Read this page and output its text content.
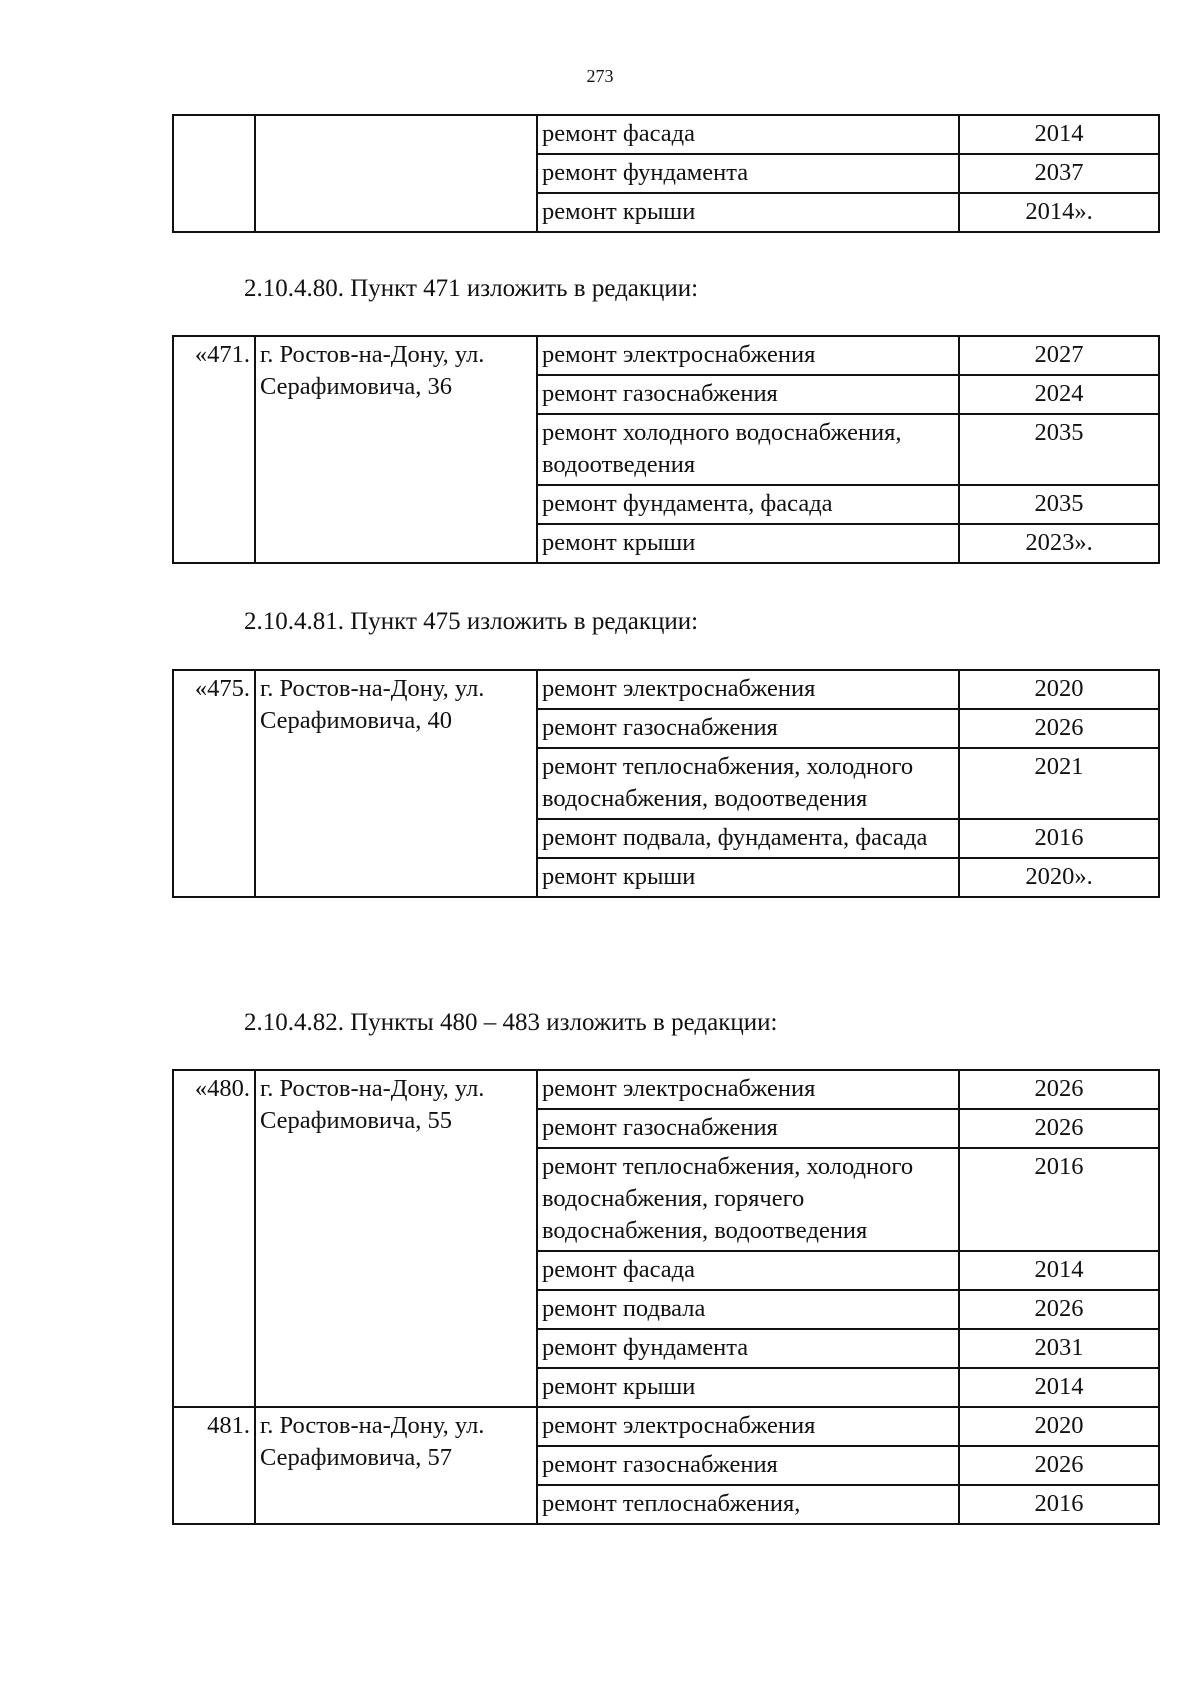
273
		ремонт фасада	2014
		ремонт фундамента	2037
		ремонт крыши	2014».
2.10.4.80. Пункт 471 изложить в редакции:
«471.	г. Ростов-на-Дону, ул. Серафимовича, 36	ремонт электроснабжения	2027
		ремонт газоснабжения	2024
		ремонт холодного водоснабжения, водоотведения	2035
		ремонт фундамента, фасада	2035
		ремонт крыши	2023».
2.10.4.81. Пункт 475 изложить в редакции:
«475.	г. Ростов-на-Дону, ул. Серафимовича, 40	ремонт электроснабжения	2020
		ремонт газоснабжения	2026
		ремонт теплоснабжения, холодного водоснабжения, водоотведения	2021
		ремонт подвала, фундамента, фасада	2016
		ремонт крыши	2020».
2.10.4.82. Пункты 480 – 483 изложить в редакции:
«480.	г. Ростов-на-Дону, ул. Серафимовича, 55	ремонт электроснабжения	2026
		ремонт газоснабжения	2026
		ремонт теплоснабжения, холодного водоснабжения, горячего водоснабжения, водоотведения	2016
		ремонт фасада	2014
		ремонт подвала	2026
		ремонт фундамента	2031
		ремонт крыши	2014
481.	г. Ростов-на-Дону, ул. Серафимовича, 57	ремонт электроснабжения	2020
		ремонт газоснабжения	2026
		ремонт теплоснабжения,	2016
